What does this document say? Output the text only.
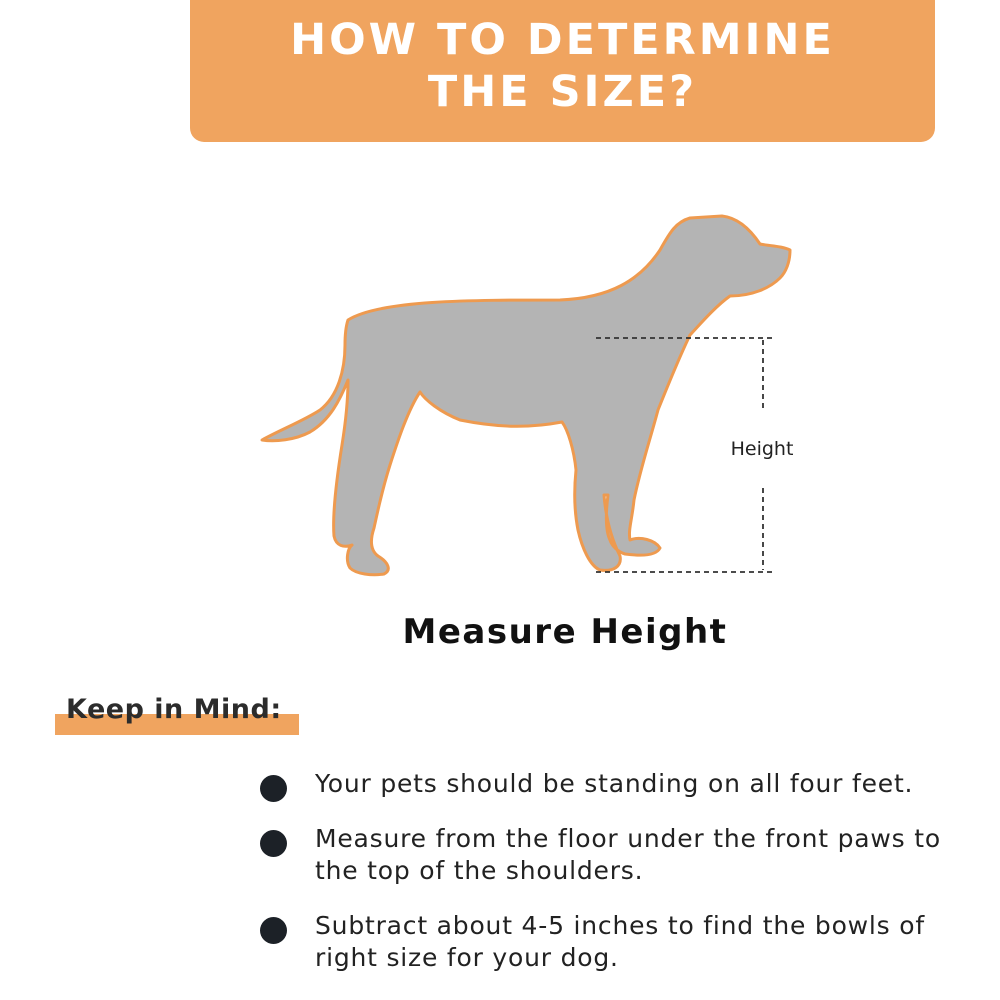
HOW TO DETERMINE
THE SIZE?

Height

Measure Height
Keep in Mind:
Your pets should be standing on all four feet.
Measure from the floor under the front paws to the top of the shoulders.
Subtract about 4-5 inches to find the bowls of right size for your dog.
